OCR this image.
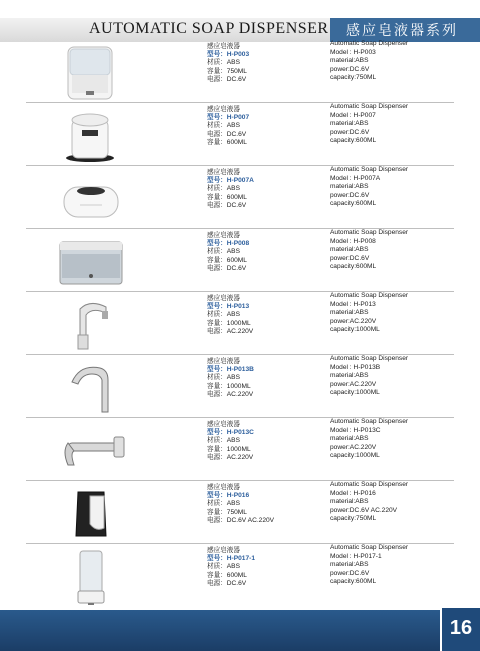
AUTOMATIC SOAP DISPENSER	感应皂液器系列
感应皂液器
型号：H-P003
材质：ABS
容量：750ML
电源：DC.6V
Automatic Soap Dispenser
Model : H-P003
material:ABS
power:DC.6V
capacity:750ML
感应皂液器
型号：H-P007
材质：ABS
电源：DC.6V
容量：600ML
Automatic Soap Dispenser
Model : H-P007
material:ABS
power:DC.6V
capacity:600ML
感应皂液器
型号：H-P007A
材质：ABS
容量：600ML
电源：DC.6V
Automatic Soap Dispenser
Model : H-P007A
material:ABS
power:DC.6V
capacity:600ML
感应皂液器
型号：H-P008
材质：ABS
容量：600ML
电源：DC.6V
Automatic Soap Dispenser
Model : H-P008
material:ABS
power:DC.6V
capacity:600ML
感应皂液器
型号：H-P013
材质：ABS
容量：1000ML
电源：AC.220V
Automatic Soap Dispenser
Model : H-P013
material:ABS
power:AC.220V
capacity:1000ML
感应皂液器
型号：H-P013B
材质：ABS
容量：1000ML
电源：AC.220V
Automatic Soap Dispenser
Model : H-P013B
material:ABS
power:AC.220V
capacity:1000ML
感应皂液器
型号：H-P013C
材质：ABS
容量：1000ML
电源：AC.220V
Automatic Soap Dispenser
Model : H-P013C
material:ABS
power:AC.220V
capacity:1000ML
感应皂液器
型号：H-P016
材质：ABS
容量：750ML
电源：DC.6V AC.220V
Automatic Soap Dispenser
Model : H-P016
material:ABS
power:DC.6V AC.220V
capacity:750ML
感应皂液器
型号：H-P017-1
材质：ABS
容量：600ML
电源：DC.6V
Automatic Soap Dispenser
Model : H-P017-1
material:ABS
power:DC.6V
capacity:600ML
16
